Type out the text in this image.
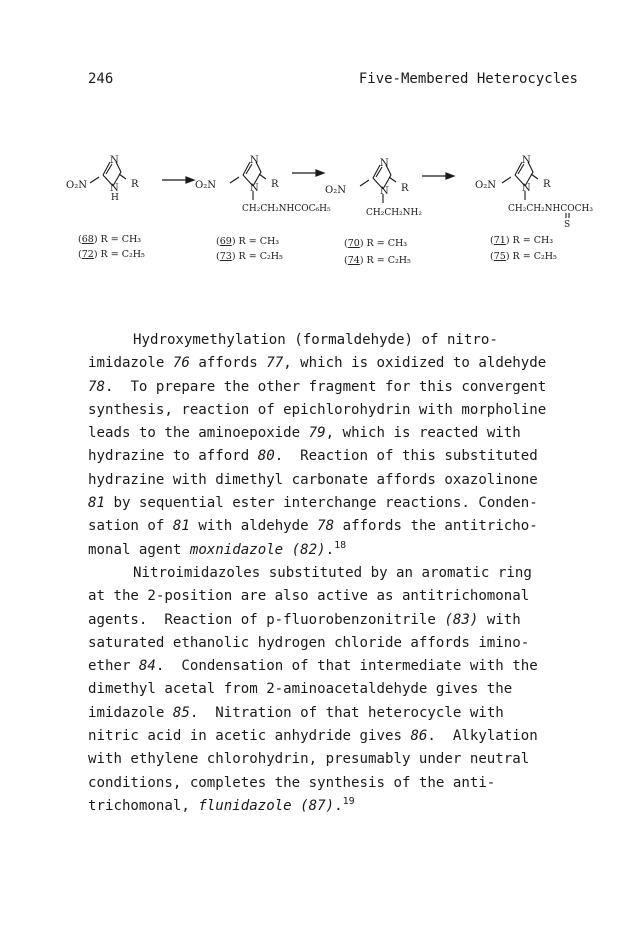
246	Five-Membered Heterocycles
N
N
H
O₂N	R
(68) R = CH₃
(72) R = C₂H₅
N
N
CH₂CH₂NHCOC₆H₅
O₂N	R
(69) R = CH₃
(73) R = C₂H₅
N
N
CH₂CH₂NH₂
O₂N	R
(70) R = CH₃
(74) R = C₂H₅
N
N
CH₂CH₂NHCOCH₃
S
O₂N	R
(71) R = CH₃
(75) R = C₂H₅
Hydroxymethylation (formaldehyde) of nitro-
imidazole 76 affords 77, which is oxidized to aldehyde
78.  To prepare the other fragment for this convergent
synthesis, reaction of epichlorohydrin with morpholine
leads to the aminoepoxide 79, which is reacted with
hydrazine to afford 80.  Reaction of this substituted
hydrazine with dimethyl carbonate affords oxazolinone
81 by sequential ester interchange reactions. Conden-
sation of 81 with aldehyde 78 affords the antitricho-
monal agent moxnidazole (82).$^{18}$
Nitroimidazoles substituted by an aromatic ring
at the 2-position are also active as antitrichomonal
agents.  Reaction of p-fluorobenzonitrile (83) with
saturated ethanolic hydrogen chloride affords imino-
ether 84.  Condensation of that intermediate with the
dimethyl acetal from 2-aminoacetaldehyde gives the
imidazole 85.  Nitration of that heterocycle with
nitric acid in acetic anhydride gives 86.  Alkylation
with ethylene chlorohydrin, presumably under neutral
conditions, completes the synthesis of the anti-
trichomonal, flunidazole (87).$^{19}$
